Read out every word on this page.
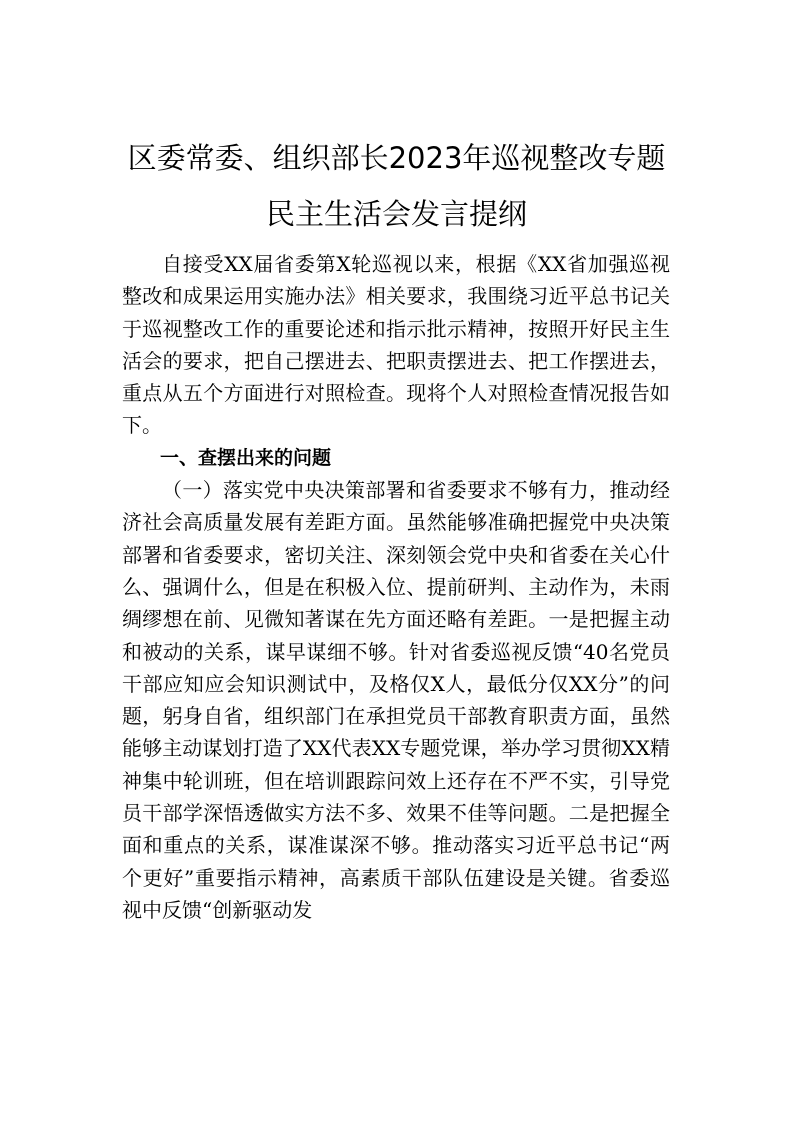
区委常委、组织部长2023年巡视整改专题
民主生活会发言提纲

自接受XX届省委第X轮巡视以来，根据《XX省加强巡视整改和成果运用实施办法》相关要求，我围绕习近平总书记关于巡视整改工作的重要论述和指示批示精神，按照开好民主生活会的要求，把自己摆进去、把职责摆进去、把工作摆进去，重点从五个方面进行对照检查。现将个人对照检查情况报告如下。

一、查摆出来的问题

（一）落实党中央决策部署和省委要求不够有力，推动经济社会高质量发展有差距方面。虽然能够准确把握党中央决策部署和省委要求，密切关注、深刻领会党中央和省委在关心什么、强调什么，但是在积极入位、提前研判、主动作为，未雨绸缪想在前、见微知著谋在先方面还略有差距。一是把握主动和被动的关系，谋早谋细不够。针对省委巡视反馈“40名党员干部应知应会知识测试中，及格仅X人，最低分仅XX分”的问题，躬身自省，组织部门在承担党员干部教育职责方面，虽然能够主动谋划打造了XX代表XX专题党课，举办学习贯彻XX精神集中轮训班，但在培训跟踪问效上还存在不严不实，引导党员干部学深悟透做实方法不多、效果不佳等问题。二是把握全面和重点的关系，谋准谋深不够。推动落实习近平总书记“两个更好”重要指示精神，高素质干部队伍建设是关键。省委巡视中反馈“创新驱动发
